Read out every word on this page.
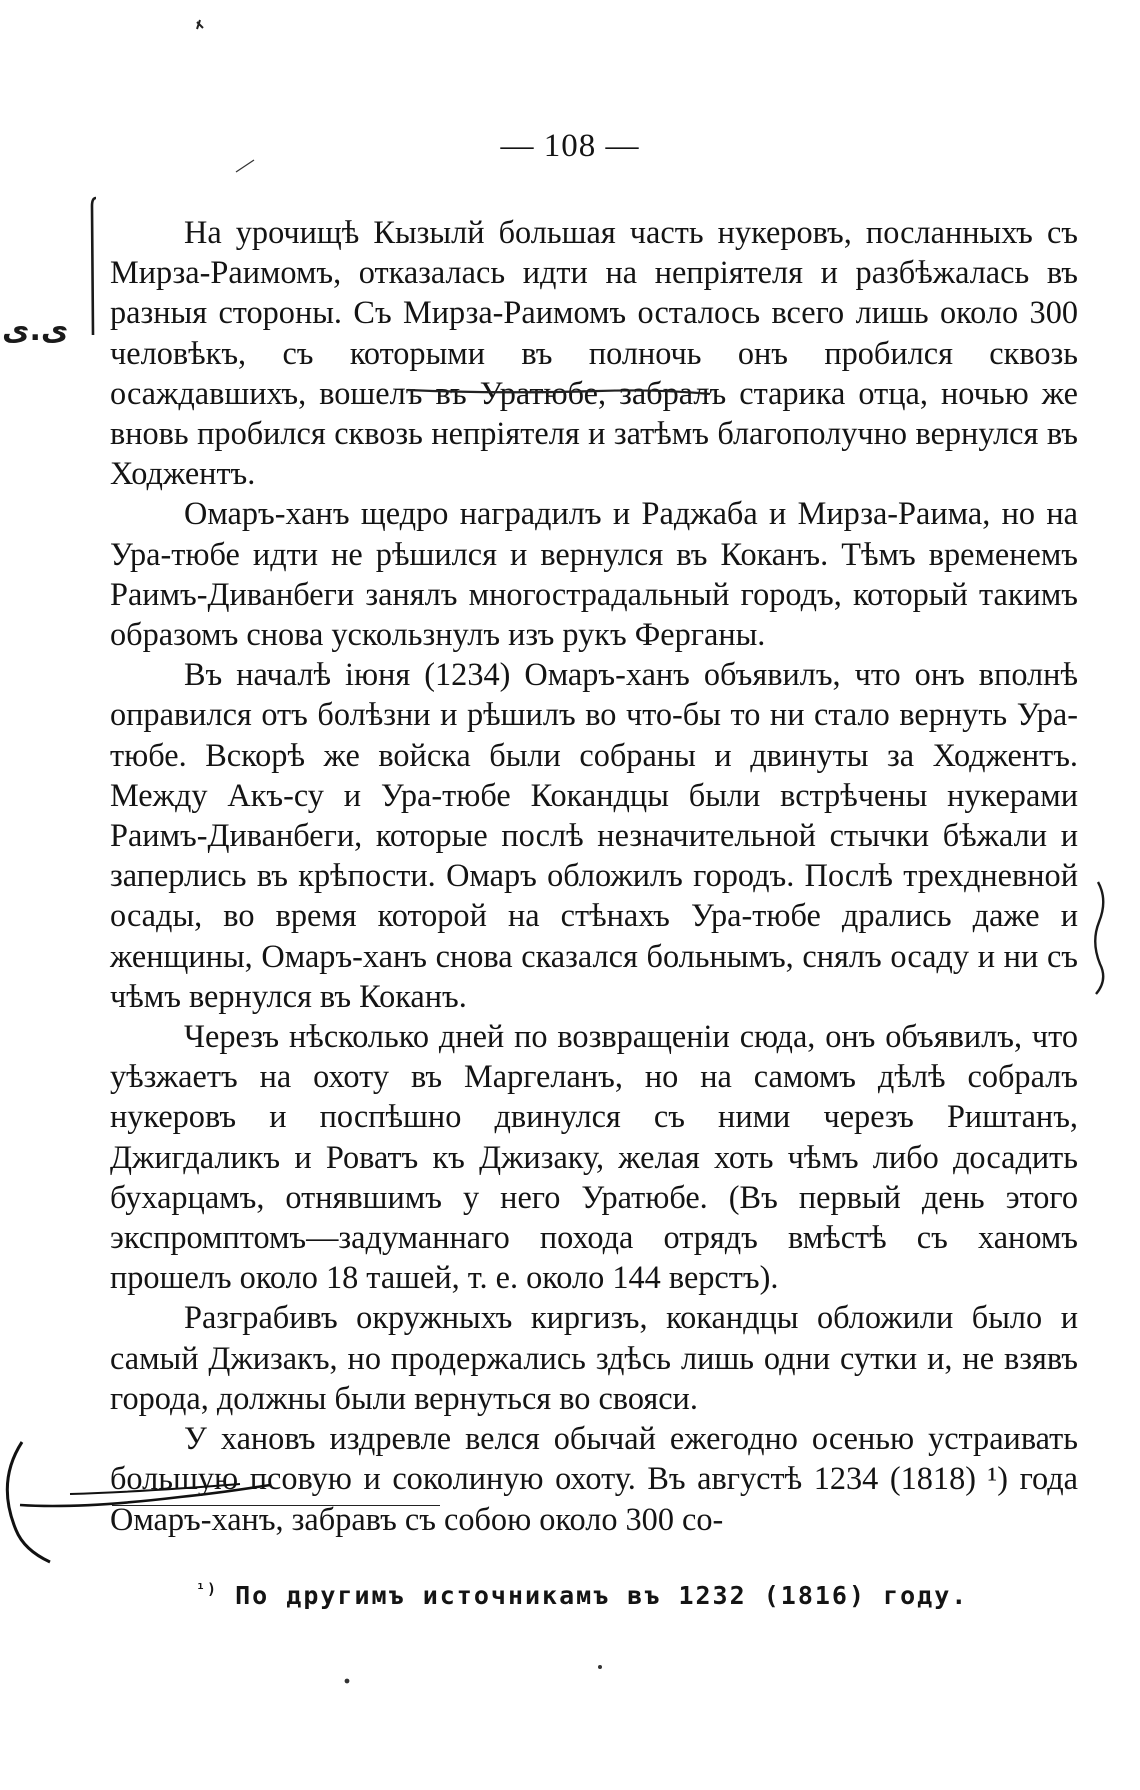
— 108 —

На урочищѣ Кызылй большая часть нукеровъ, посланныхъ съ Мирза-Раимомъ, отказалась идти на непріятеля и разбѣжалась въ разныя стороны. Съ Мирза-Раимомъ осталось всего лишь около 300 человѣкъ, съ которыми въ полночь онъ пробился сквозь осаждавшихъ, вошелъ въ Уратюбе, забралъ старика отца, ночью же вновь пробился сквозь непріятеля и затѣмъ благополучно вернулся въ Ходжентъ.

Омаръ-ханъ щедро наградилъ и Раджаба и Мирза-Раима, но на Ура-тюбе идти не рѣшился и вернулся въ Коканъ. Тѣмъ временемъ Раимъ-Диванбеги занялъ многострадальный городъ, который такимъ образомъ снова ускользнулъ изъ рукъ Ферганы.

Въ началѣ іюня (1234) Омаръ-ханъ объявилъ, что онъ вполнѣ оправился отъ болѣзни и рѣшилъ во что-бы то ни стало вернуть Ура-тюбе. Вскорѣ же войска были собраны и двинуты за Ходжентъ. Между Акъ-су и Ура-тюбе Кокандцы были встрѣчены нукерами Раимъ-Диванбеги, которые послѣ незначительной стычки бѣжали и заперлись въ крѣпости. Омаръ обложилъ городъ. Послѣ трехдневной осады, во время которой на стѣнахъ Ура-тюбе дрались даже и женщины, Омаръ-ханъ снова сказался больнымъ, снялъ осаду и ни съ чѣмъ вернулся въ Коканъ.

Черезъ нѣсколько дней по возвращеніи сюда, онъ объявилъ, что уѣзжаетъ на охоту въ Маргеланъ, но на самомъ дѣлѣ собралъ нукеровъ и поспѣшно двинулся съ ними черезъ Риштанъ, Джигдаликъ и Роватъ къ Джизаку, желая хоть чѣмъ либо досадить бухарцамъ, отнявшимъ у него Уратюбе. (Въ первый день этого экспромптомъ—задуманнаго похода отрядъ вмѣстѣ съ ханомъ прошелъ около 18 ташей, т. е. около 144 верстъ).

Разграбивъ окружныхъ киргизъ, кокандцы обложили было и самый Джизакъ, но продержались здѣсь лишь одни сутки и, не взявъ города, должны были вернуться во свояси.

У хановъ издревле велся обычай ежегодно осенью устраивать большую псовую и соколиную охоту. Въ августѣ 1234 (1818) ¹) года Омаръ-ханъ, забравъ съ собою около 300 со-

$^{^1)}$ По другимъ источникамъ въ 1232 (1816) году.
ى.ى
